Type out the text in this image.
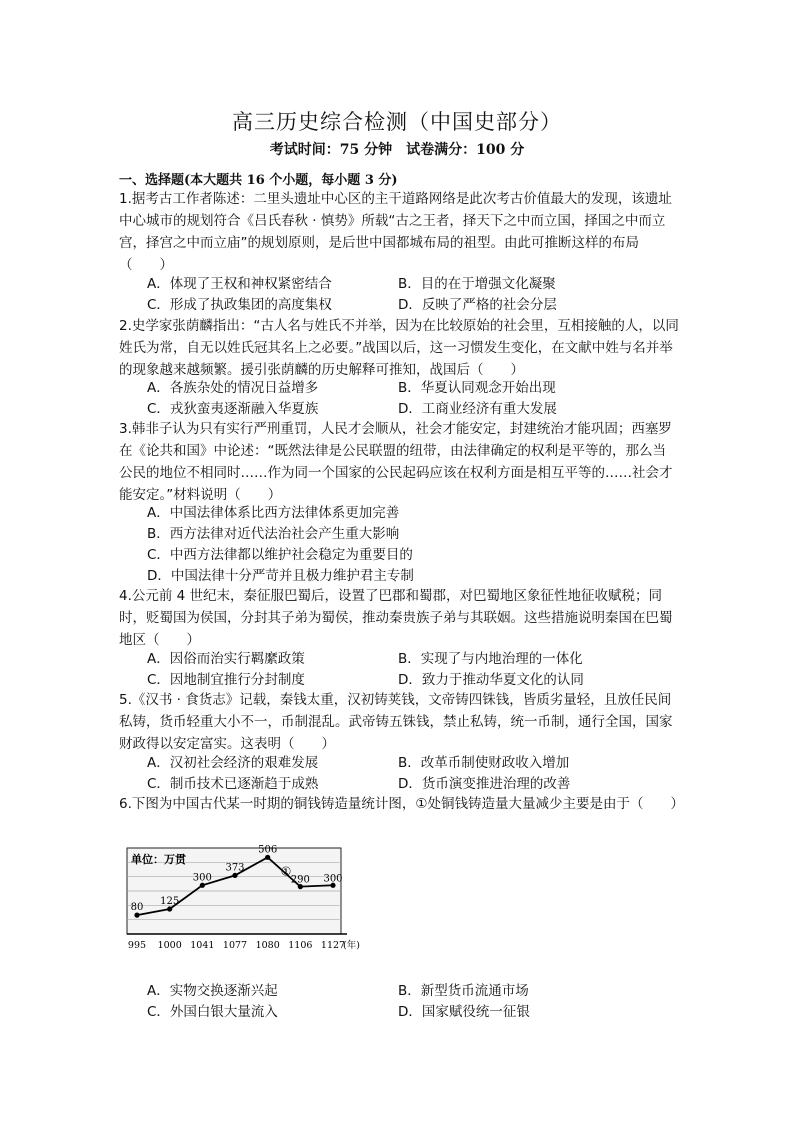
高三历史综合检测（中国史部分）
考试时间：75 分钟　试卷满分：100 分
一、选择题(本大题共 16 个小题，每小题 3 分)
1.据考古工作者陈述：二里头遗址中心区的主干道路网络是此次考古价值最大的发现，该遗址中心城市的规划符合《吕氏春秋 · 慎势》所载“古之王者，择天下之中而立国，择国之中而立宫，择宫之中而立庙”的规划原则，是后世中国都城布局的祖型。由此可推断这样的布局（　　）
A．体现了王权和神权紧密结合	B．目的在于增强文化凝聚
C．形成了执政集团的高度集权	D．反映了严格的社会分层
2.史学家张荫麟指出：“古人名与姓氏不并举，因为在比较原始的社会里，互相接触的人，以同姓氏为常，自无以姓氏冠其名上之必要。”战国以后，这一习惯发生变化，在文献中姓与名并举的现象越来越频繁。援引张荫麟的历史解释可推知，战国后（　　）
A．各族杂处的情况日益增多	B．华夏认同观念开始出现
C．戎狄蛮夷逐渐融入华夏族	D．工商业经济有重大发展
3.韩非子认为只有实行严刑重罚，人民才会顺从，社会才能安定，封建统治才能巩固；西塞罗在《论共和国》中论述：“既然法律是公民联盟的纽带，由法律确定的权利是平等的，那么当公民的地位不相同时……作为同一个国家的公民起码应该在权利方面是相互平等的……社会才能安定。”材料说明（　　）
A．中国法律体系比西方法律体系更加完善
B．西方法律对近代法治社会产生重大影响
C．中西方法律都以维护社会稳定为重要目的
D．中国法律十分严苛并且极力维护君主专制
4.公元前 4 世纪末，秦征服巴蜀后，设置了巴郡和蜀郡，对巴蜀地区象征性地征收赋税；同时，贬蜀国为侯国，分封其子弟为蜀侯，推动秦贵族子弟与其联姻。这些措施说明秦国在巴蜀地区（　　）
A．因俗而治实行羁縻政策	B．实现了与内地治理的一体化
C．因地制宜推行分封制度	D．致力于推动华夏文化的认同
5.《汉书 · 食货志》记载，秦钱太重，汉初铸荚钱，文帝铸四铢钱，皆质劣量轻，且放任民间私铸，货币轻重大小不一，币制混乱。武帝铸五铢钱，禁止私铸，统一币制，通行全国，国家财政得以安定富实。这表明（　　）
A．汉初社会经济的艰难发展	B．改革币制使财政收入增加
C．制币技术已逐渐趋于成熟	D．货币演变推进治理的改善
6.下图为中国古代某一时期的铜钱铸造量统计图，①处铜钱铸造量大量减少主要是由于（　　）
80
125
300
373
506
290 300
995 1000 1041 1077 1080 1106 1127
(年)
单位：万贯
①
A．实物交换逐渐兴起	B．新型货币流通市场
C．外国白银大量流入	D．国家赋役统一征银
